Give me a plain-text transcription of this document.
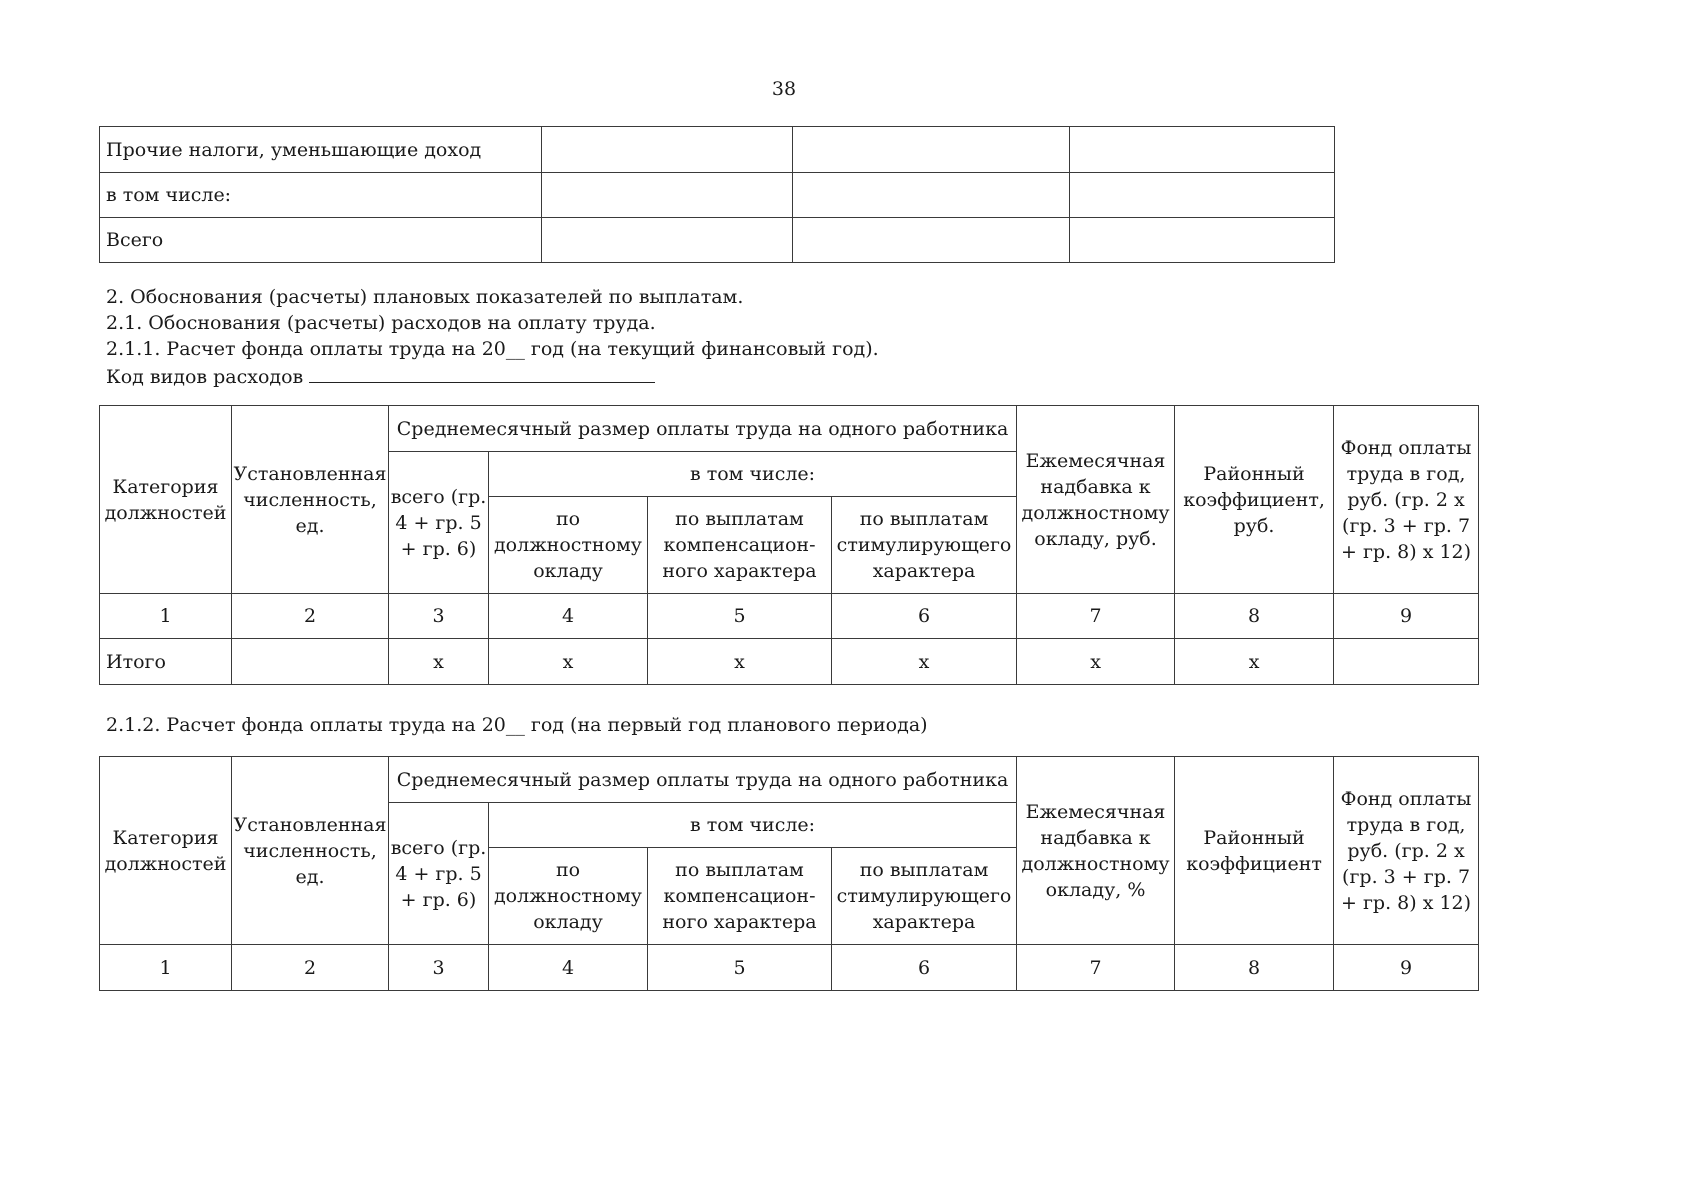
38
Прочие налоги, уменьшающие доход			
в том числе:			
Всего			
2. Обоснования (расчеты) плановых показателей по выплатам.
2.1. Обоснования (расчеты) расходов на оплату труда.
2.1.1. Расчет фонда оплаты труда на 20__ год (на текущий финансовый год).
Код видов расходов
Категория должностей	Установленная численность, ед.	Среднемесячный размер оплаты труда на одного работника				Ежемесячная надбавка к должностному окладу, руб.	Районный коэффициент, руб.	Фонд оплаты труда в год, руб. (гр. 2 x (гр. 3 + гр. 7 + гр. 8) x 12)
		всего (гр. 4 + гр. 5 + гр. 6)	в том числе:					
			по должностному окладу	по выплатам компенсацион-ного характера	по выплатам стимулирующего характера			
1	2	3	4	5	6	7	8	9
Итого		x	x	x	x	x	x	
2.1.2. Расчет фонда оплаты труда на 20__ год (на первый год планового периода)
Категория должностей	Установленная численность, ед.	Среднемесячный размер оплаты труда на одного работника				Ежемесячная надбавка к должностному окладу, %	Районный коэффициент	Фонд оплаты труда в год, руб. (гр. 2 x (гр. 3 + гр. 7 + гр. 8) x 12)
		всего (гр. 4 + гр. 5 + гр. 6)	в том числе:					
			по должностному окладу	по выплатам компенсацион-ного характера	по выплатам стимулирующего характера			
1	2	3	4	5	6	7	8	9
